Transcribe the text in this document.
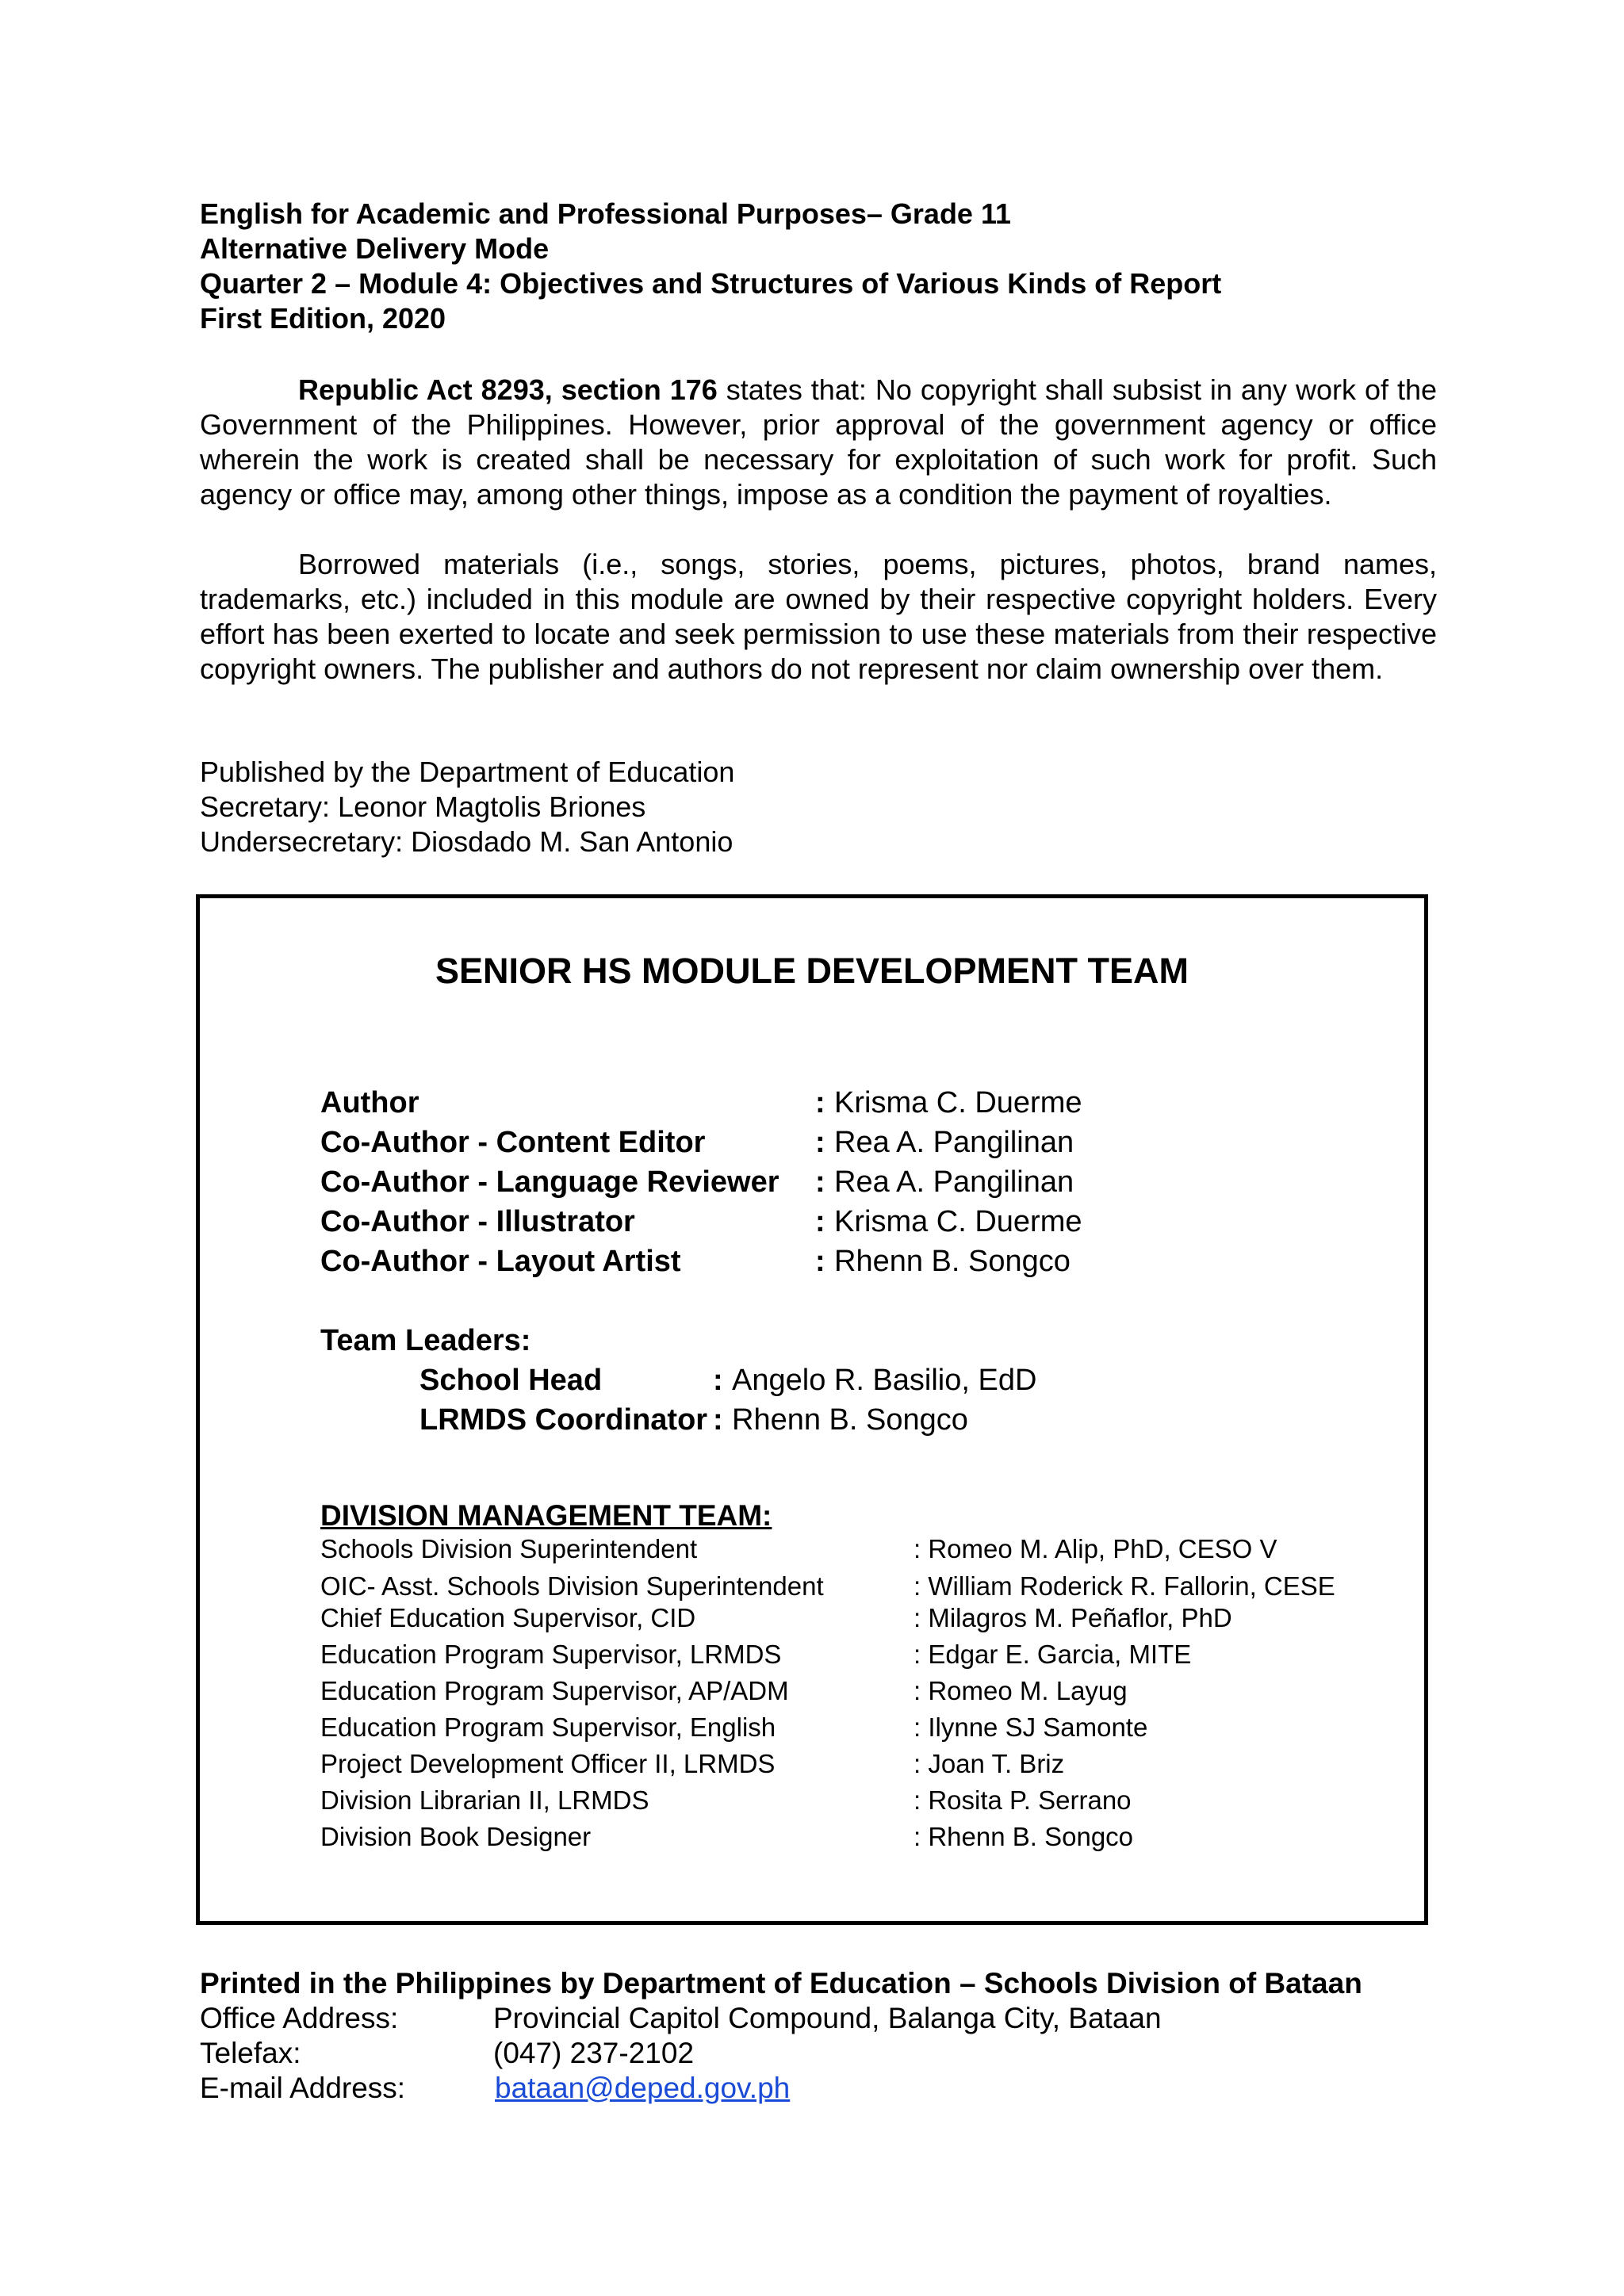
English for Academic and Professional Purposes– Grade 11
Alternative Delivery Mode
Quarter 2 – Module 4: Objectives and Structures of Various Kinds of Report
First Edition, 2020
Republic Act 8293, section 176 states that: No copyright shall subsist in any work of the Government of the Philippines. However, prior approval of the government agency or office wherein the work is created shall be necessary for exploitation of such work for profit. Such agency or office may, among other things, impose as a condition the payment of royalties.
Borrowed materials (i.e., songs, stories, poems, pictures, photos, brand names, trademarks, etc.) included in this module are owned by their respective copyright holders. Every effort has been exerted to locate and seek permission to use these materials from their respective copyright owners. The publisher and authors do not represent nor claim ownership over them.
Published by the Department of Education
Secretary: Leonor Magtolis Briones
Undersecretary: Diosdado M. San Antonio
SENIOR HS MODULE DEVELOPMENT TEAM
Author	: Krisma C. Duerme
Co-Author - Content Editor	: Rea A. Pangilinan
Co-Author - Language Reviewer : Rea A. Pangilinan
Co-Author - Illustrator	: Krisma C. Duerme
Co-Author - Layout Artist	: Rhenn B. Songco
Team Leaders:
School Head	: Angelo R. Basilio, EdD
LRMDS Coordinator : Rhenn B. Songco
DIVISION MANAGEMENT TEAM:
Schools Division Superintendent	: Romeo M. Alip, PhD, CESO V
OIC- Asst. Schools Division Superintendent	: William Roderick R. Fallorin, CESE
Chief Education Supervisor, CID	: Milagros M. Peñaflor, PhD
Education Program Supervisor, LRMDS	: Edgar E. Garcia, MITE
Education Program Supervisor, AP/ADM	: Romeo M. Layug
Education Program Supervisor, English	: Ilynne SJ Samonte
Project Development Officer II, LRMDS	: Joan T. Briz
Division Librarian II, LRMDS	: Rosita P. Serrano
Division Book Designer	: Rhenn B. Songco
Printed in the Philippines by Department of Education – Schools Division of Bataan
Office Address:	Provincial Capitol Compound, Balanga City, Bataan
Telefax:	(047) 237-2102
E-mail Address:	bataan@deped.gov.ph
